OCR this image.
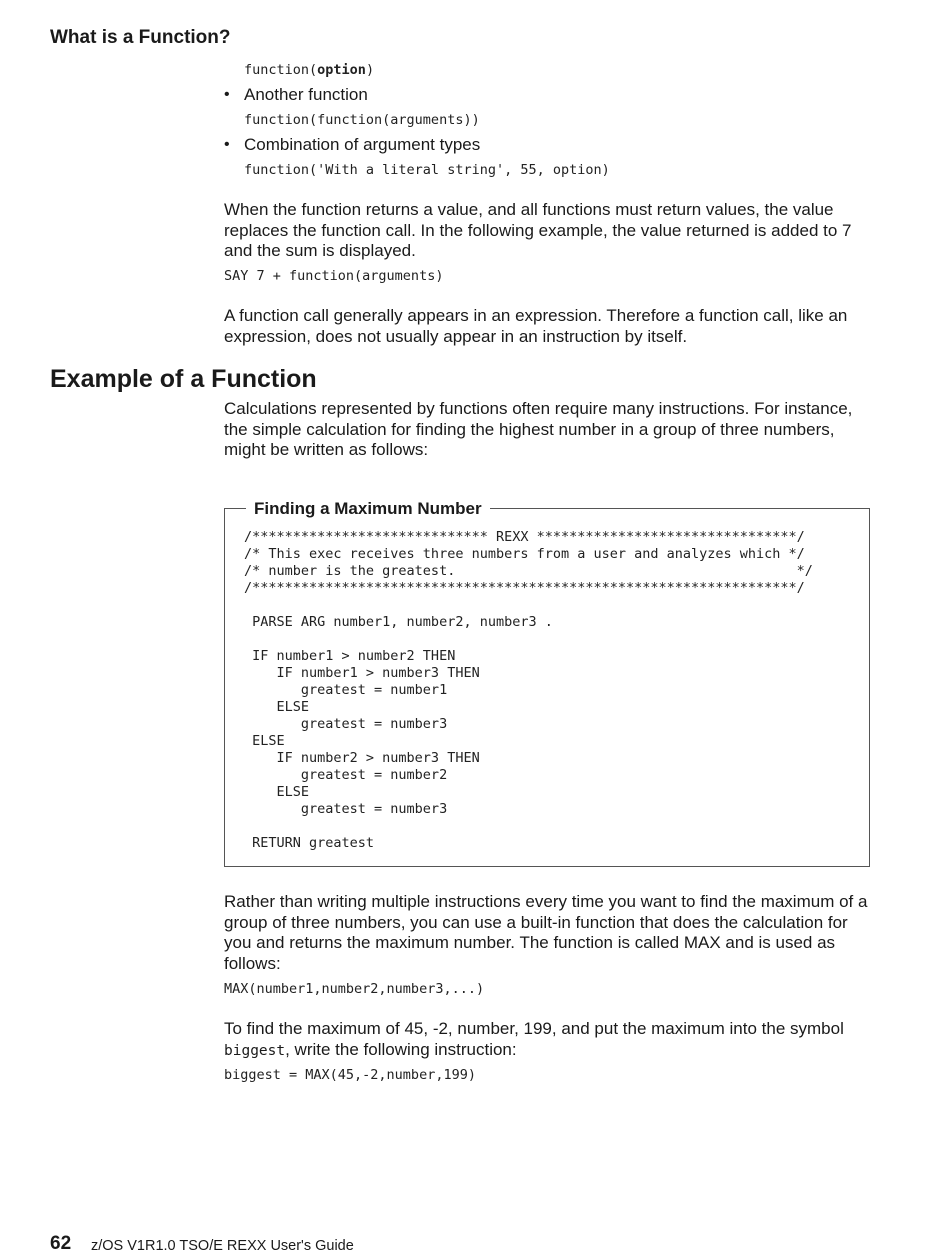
What is a Function?

function(option)

• Another function

function(function(arguments))

• Combination of argument types

function('With a literal string', 55, option)

When the function returns a value, and all functions must return values, the value replaces the function call. In the following example, the value returned is added to 7 and the sum is displayed.

SAY 7 + function(arguments)

A function call generally appears in an expression. Therefore a function call, like an expression, does not usually appear in an instruction by itself.

Example of a Function

Calculations represented by functions often require many instructions. For instance, the simple calculation for finding the highest number in a group of three numbers, might be written as follows:

Finding a Maximum Number

/***************************** REXX ********************************/
/* This exec receives three numbers from a user and analyzes which */
/* number is the greatest.                                          */
/*******************************************************************/

PARSE ARG number1, number2, number3 .

IF number1 > number2 THEN
IF number1 > number3 THEN
greatest = number1
ELSE
greatest = number3
ELSE
IF number2 > number3 THEN
greatest = number2
ELSE
greatest = number3

RETURN greatest

Rather than writing multiple instructions every time you want to find the maximum of a group of three numbers, you can use a built-in function that does the calculation for you and returns the maximum number. The function is called MAX and is used as follows:

MAX(number1,number2,number3,...)

To find the maximum of 45, -2, number, 199, and put the maximum into the symbol biggest, write the following instruction:

biggest = MAX(45,-2,number,199)

62 z/OS V1R1.0 TSO/E REXX User's Guide
